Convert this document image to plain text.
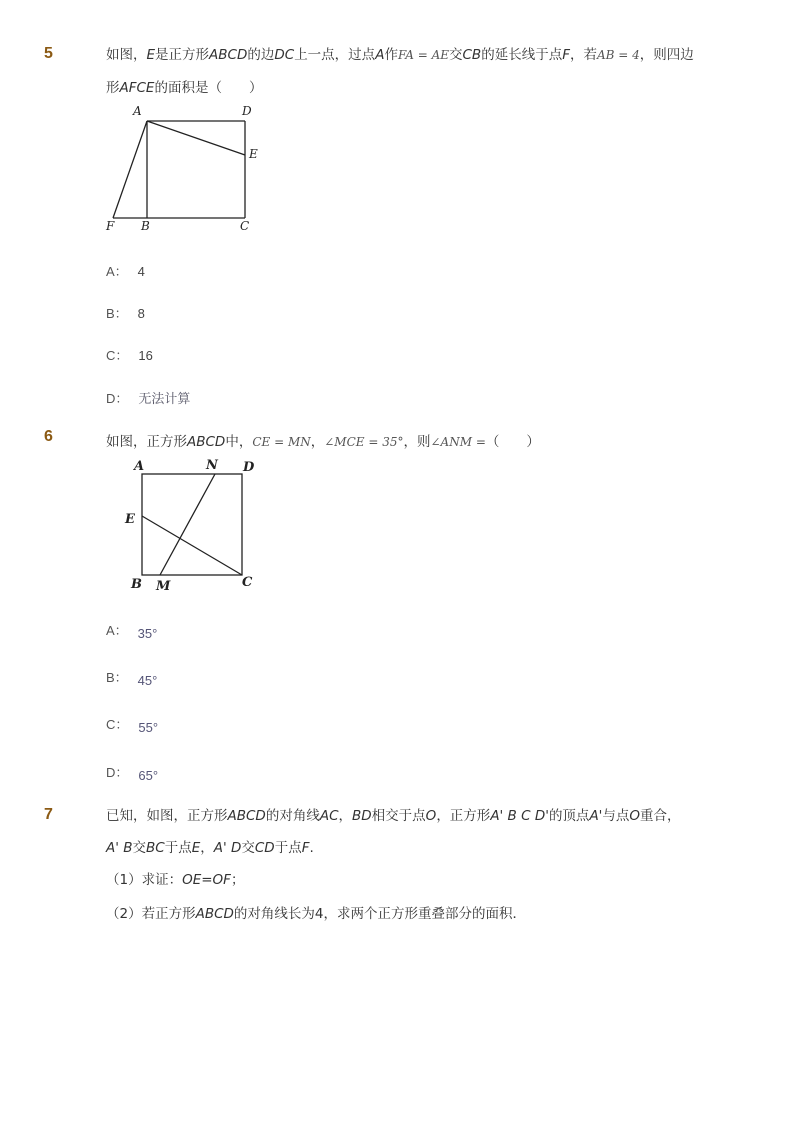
5	如图，E是正方形ABCD的边DC上一点，过点A作FA = AE交CB的延长线于点F，若AB = 4，则四边
形AFCE的面积是（　　）
A	D
E
F B	C
A： 4
B： 8
C： 16
D： 无法计算
6	如图，正方形ABCD中，CE = MN，∠MCE = 35°，则∠ANM =（　　）
A	N D
E
B M	C
A： 35°
B： 45°
C： 55°
D： 65°
7	已知，如图，正方形ABCD的对角线AC，BD相交于点O，正方形A' B C D'的顶点A'与点O重合，
A' B交BC于点E，A' D交CD于点F.
（1）求证：OE=OF；
（2）若正方形ABCD的对角线长为4，求两个正方形重叠部分的面积．
